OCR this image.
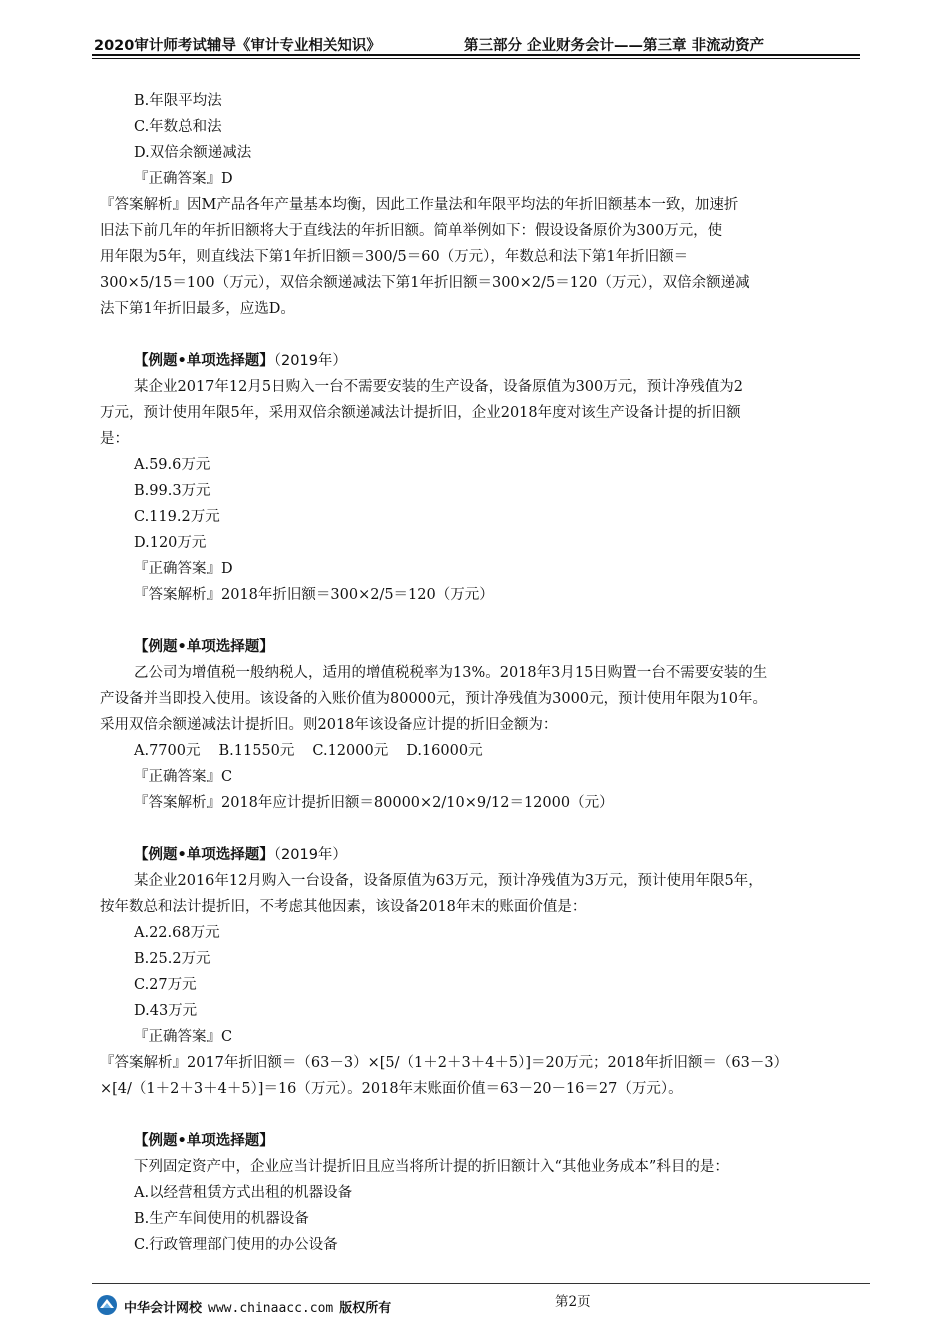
2020审计师考试辅导《审计专业相关知识》	第三部分 企业财务会计——第三章 非流动资产
B.年限平均法
C.年数总和法
D.双倍余额递减法
『正确答案』D
『答案解析』因M产品各年产量基本均衡，因此工作量法和年限平均法的年折旧额基本一致，加速折
旧法下前几年的年折旧额将大于直线法的年折旧额。简单举例如下：假设设备原价为300万元，使
用年限为5年，则直线法下第1年折旧额＝300/5＝60（万元），年数总和法下第1年折旧额＝
300×5/15＝100（万元），双倍余额递减法下第1年折旧额＝300×2/5＝120（万元），双倍余额递减
法下第1年折旧最多，应选D。
【例题•单项选择题】（2019年）
某企业2017年12月5日购入一台不需要安装的生产设备，设备原值为300万元，预计净残值为2
万元，预计使用年限5年，采用双倍余额递减法计提折旧，企业2018年度对该生产设备计提的折旧额
是：
A.59.6万元
B.99.3万元
C.119.2万元
D.120万元
『正确答案』D
『答案解析』2018年折旧额＝300×2/5＝120（万元）
【例题•单项选择题】
乙公司为增值税一般纳税人，适用的增值税税率为13%。2018年3月15日购置一台不需要安装的生
产设备并当即投入使用。该设备的入账价值为80000元，预计净残值为3000元，预计使用年限为10年。
采用双倍余额递减法计提折旧。则2018年该设备应计提的折旧金额为：
A.7700元 B.11550元 C.12000元 D.16000元
『正确答案』C
『答案解析』2018年应计提折旧额＝80000×2/10×9/12＝12000（元）
【例题•单项选择题】（2019年）
某企业2016年12月购入一台设备，设备原值为63万元，预计净残值为3万元，预计使用年限5年，
按年数总和法计提折旧，不考虑其他因素，该设备2018年末的账面价值是：
A.22.68万元
B.25.2万元
C.27万元
D.43万元
『正确答案』C
『答案解析』2017年折旧额＝（63－3）×[5/（1＋2＋3＋4＋5）]＝20万元；2018年折旧额＝（63－3）
×[4/（1＋2＋3＋4＋5）]＝16（万元）。2018年末账面价值＝63－20－16＝27（万元）。
【例题•单项选择题】
下列固定资产中，企业应当计提折旧且应当将所计提的折旧额计入“其他业务成本”科目的是：
A.以经营租赁方式出租的机器设备
B.生产车间使用的机器设备
C.行政管理部门使用的办公设备
第2页
中华会计网校 www.chinaacc.com 版权所有
